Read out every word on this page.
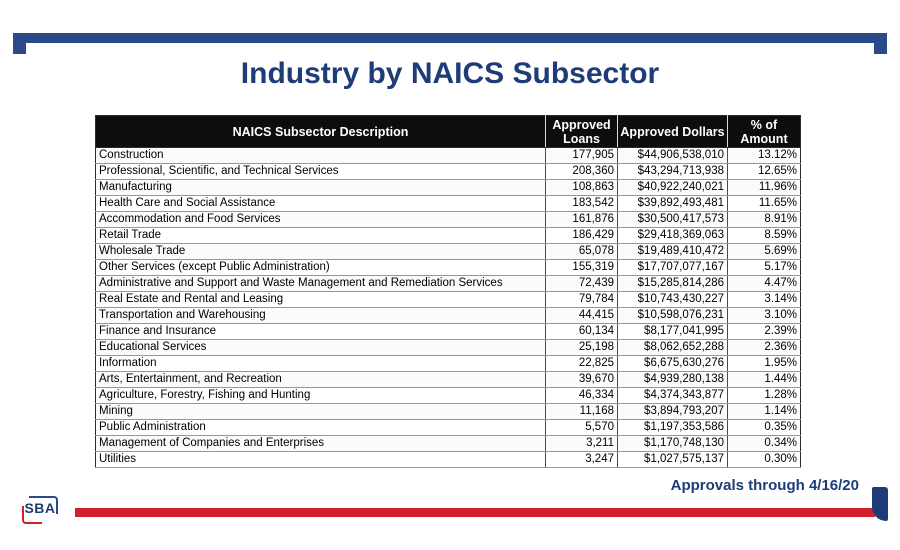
Industry by NAICS Subsector
NAICS Subsector Description	Approved Loans	Approved Dollars	% of Amount
Construction	177,905	$44,906,538,010	13.12%
Professional, Scientific, and Technical Services	208,360	$43,294,713,938	12.65%
Manufacturing	108,863	$40,922,240,021	11.96%
Health Care and Social Assistance	183,542	$39,892,493,481	11.65%
Accommodation and Food Services	161,876	$30,500,417,573	8.91%
Retail Trade	186,429	$29,418,369,063	8.59%
Wholesale Trade	65,078	$19,489,410,472	5.69%
Other Services (except Public Administration)	155,319	$17,707,077,167	5.17%
Administrative and Support and Waste Management and Remediation Services	72,439	$15,285,814,286	4.47%
Real Estate and Rental and Leasing	79,784	$10,743,430,227	3.14%
Transportation and Warehousing	44,415	$10,598,076,231	3.10%
Finance and Insurance	60,134	$8,177,041,995	2.39%
Educational Services	25,198	$8,062,652,288	2.36%
Information	22,825	$6,675,630,276	1.95%
Arts, Entertainment, and Recreation	39,670	$4,939,280,138	1.44%
Agriculture, Forestry, Fishing and Hunting	46,334	$4,374,343,877	1.28%
Mining	11,168	$3,894,793,207	1.14%
Public Administration	5,570	$1,197,353,586	0.35%
Management of Companies and Enterprises	3,211	$1,170,748,130	0.34%
Utilities	3,247	$1,027,575,137	0.30%
Approvals through 4/16/20
SBA
